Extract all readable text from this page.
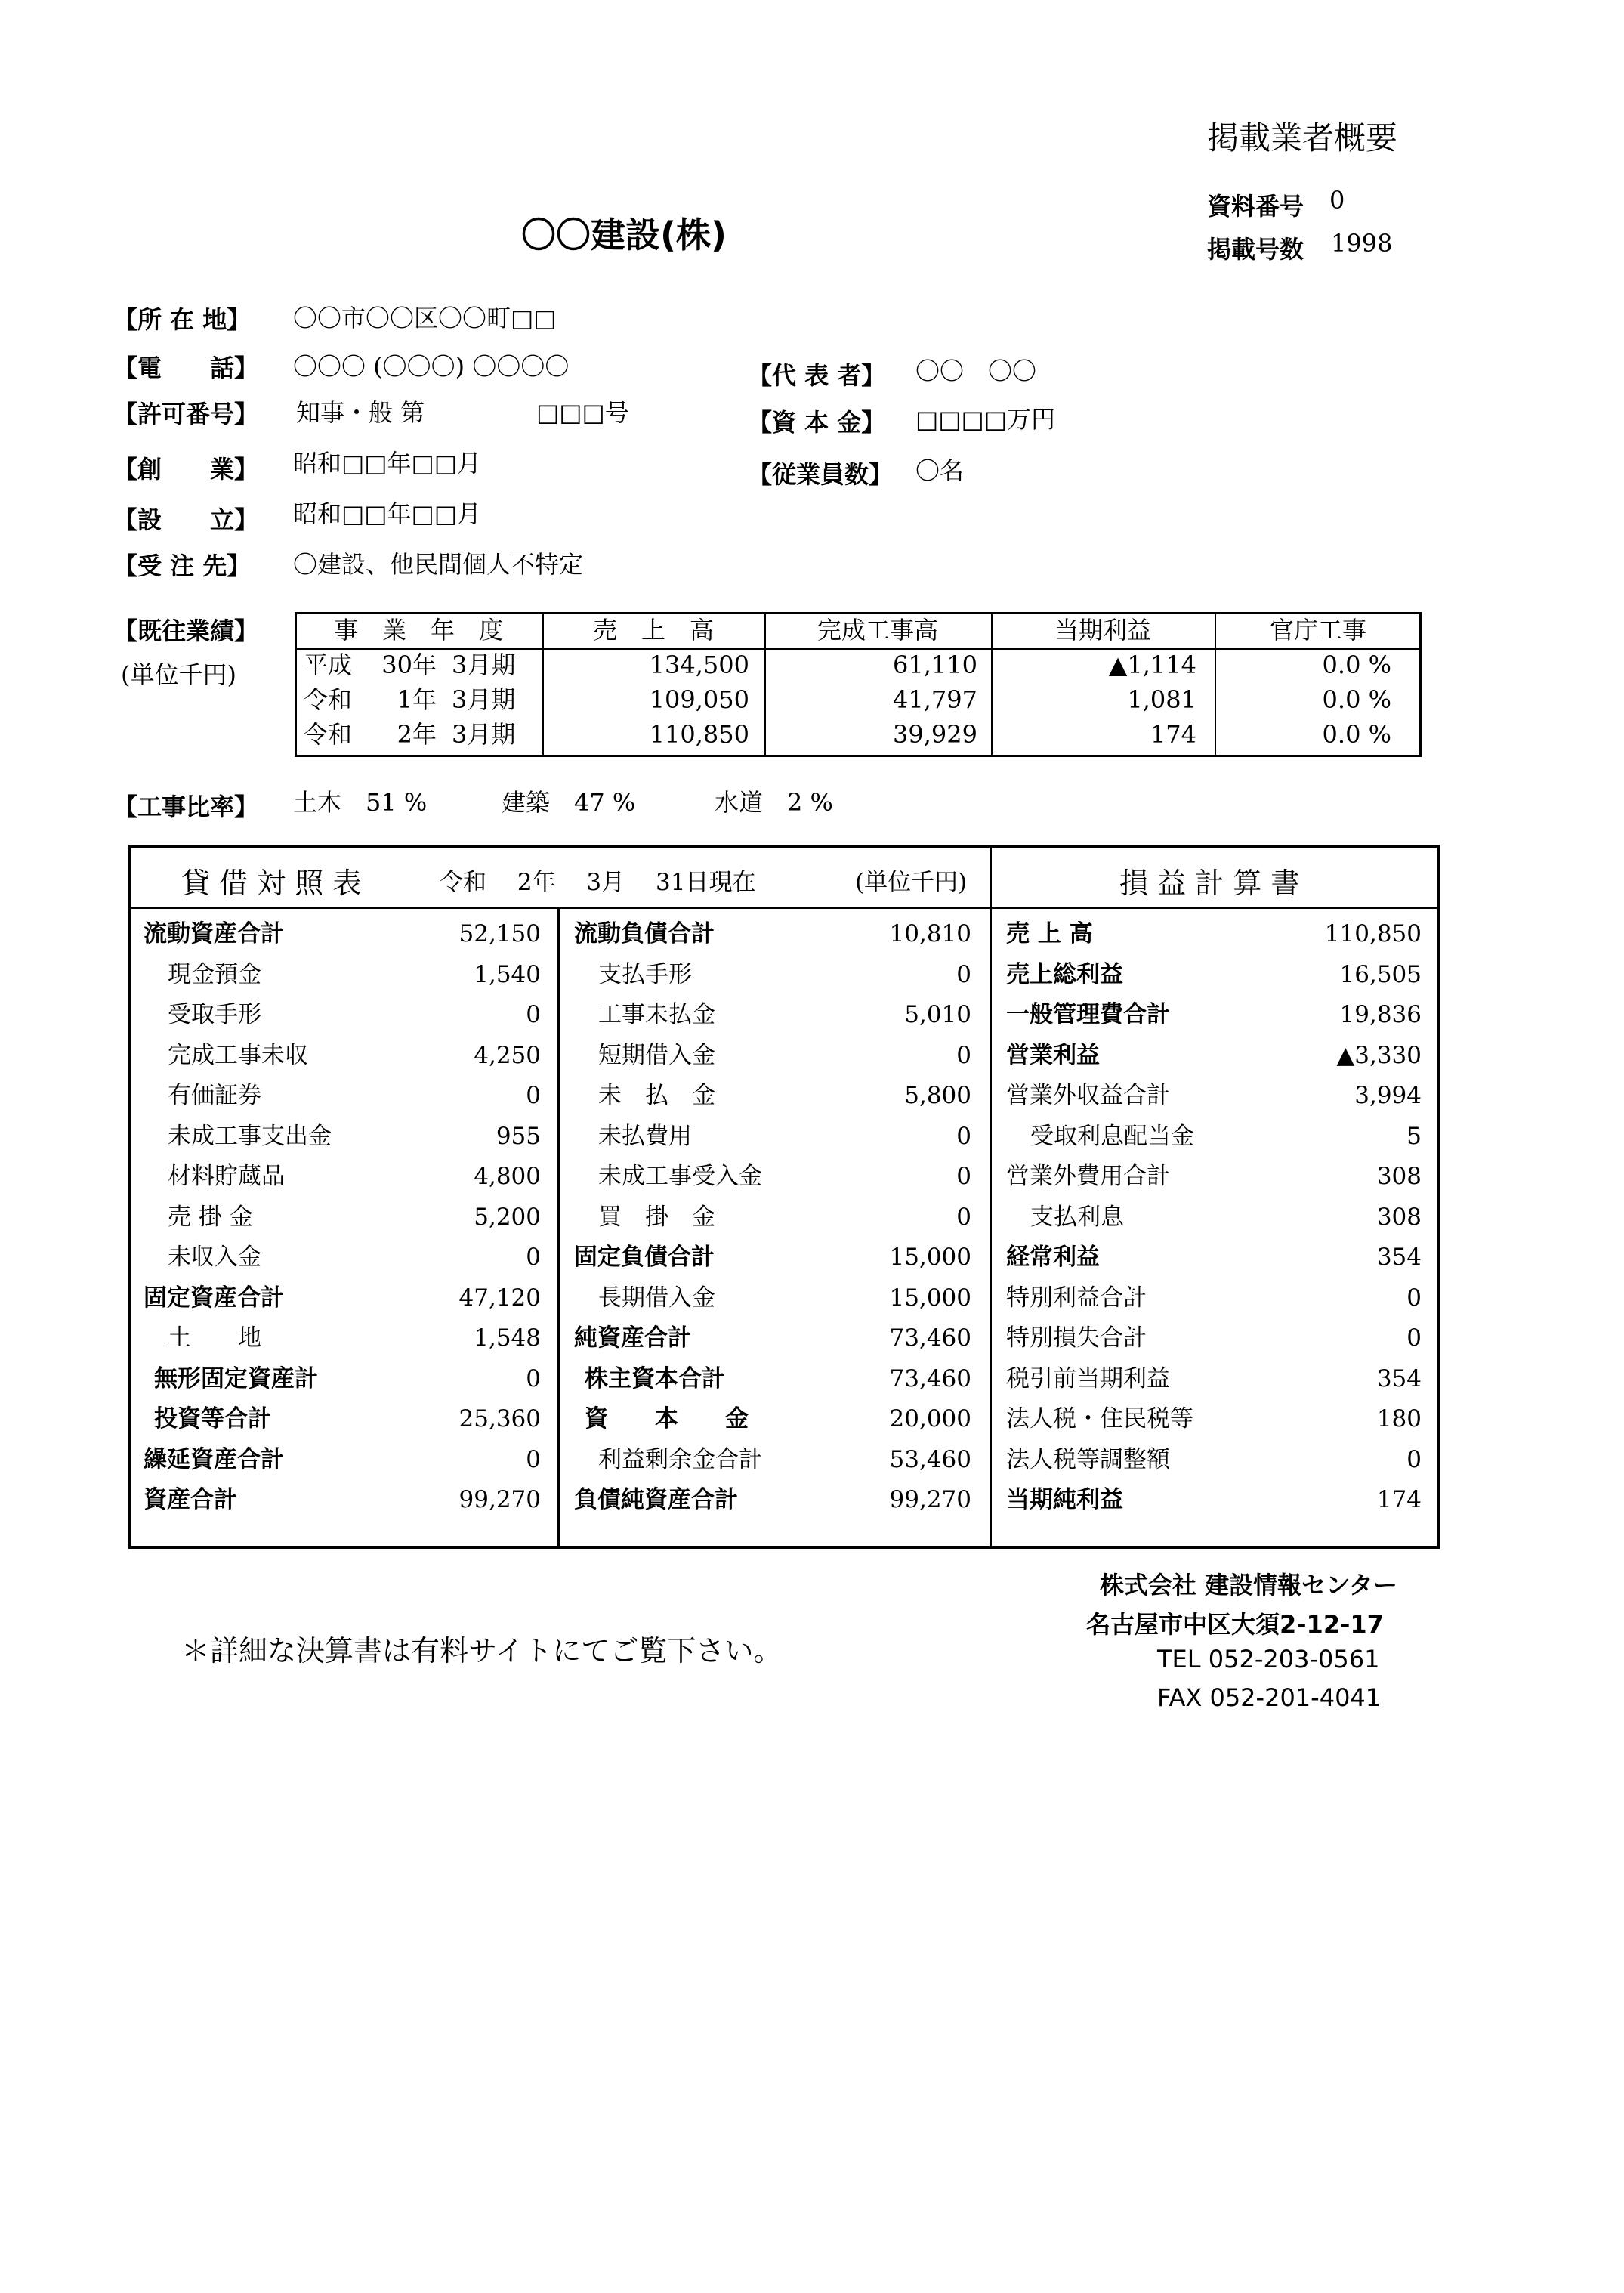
掲載業者概要
〇〇建設(株)
資料番号 0
掲載号数 1998
【所 在 地】 〇〇市〇〇区〇〇町□□
【電　　話】 〇〇〇 (〇〇〇) 〇〇〇〇
【許可番号】 知事・般 第	□□□号
【創　　業】 昭和□□年□□月
【設　　立】 昭和□□年□□月
【受 注 先】 〇建設、他民間個人不特定
【代 表 者】 〇〇　〇〇
【資 本 金】 □□□□万円
【従業員数】 〇名
【既往業績】
(単位千円)
事　業　年　度	売　上　高	完成工事高	当期利益	官庁工事
平成	30年 3月期	134,500	61,110	▲1,114	0.0 %
令和	1年 3月期	109,050	41,797	1,081	0.0 %
令和	2年 3月期	110,850	39,929	174	0.0 %
【工事比率】 土木　51 %	建築　47 %	水道　2 %
貸 借 対 照 表	令和　 2年　 3月　 31日現在	(単位千円)	損 益 計 算 書
流動資産合計	52,150
現金預金	1,540
受取手形	0
完成工事未収	4,250
有価証券	0
未成工事支出金	955
材料貯蔵品	4,800
売 掛 金	5,200
未収入金	0
固定資産合計	47,120
土　　地	1,548
無形固定資産計	0
投資等合計	25,360
繰延資産合計	0
資産合計	99,270
流動負債合計	10,810
支払手形	0
工事未払金	5,010
短期借入金	0
未　払　金	5,800
未払費用	0
未成工事受入金	0
買　掛　金	0
固定負債合計	15,000
長期借入金	15,000
純資産合計	73,460
株主資本合計	73,460
資　　本　　金	20,000
利益剰余金合計	53,460
負債純資産合計	99,270
売 上 高	110,850
売上総利益	16,505
一般管理費合計	19,836
営業利益	▲3,330
営業外収益合計	3,994
受取利息配当金	5
営業外費用合計	308
支払利息	308
経常利益	354
特別利益合計	0
特別損失合計	0
税引前当期利益	354
法人税・住民税等	180
法人税等調整額	0
当期純利益	174
＊詳細な決算書は有料サイトにてご覧下さい。
株式会社 建設情報センター
名古屋市中区大須2-12-17
TEL 052-203-0561
FAX 052-201-4041
